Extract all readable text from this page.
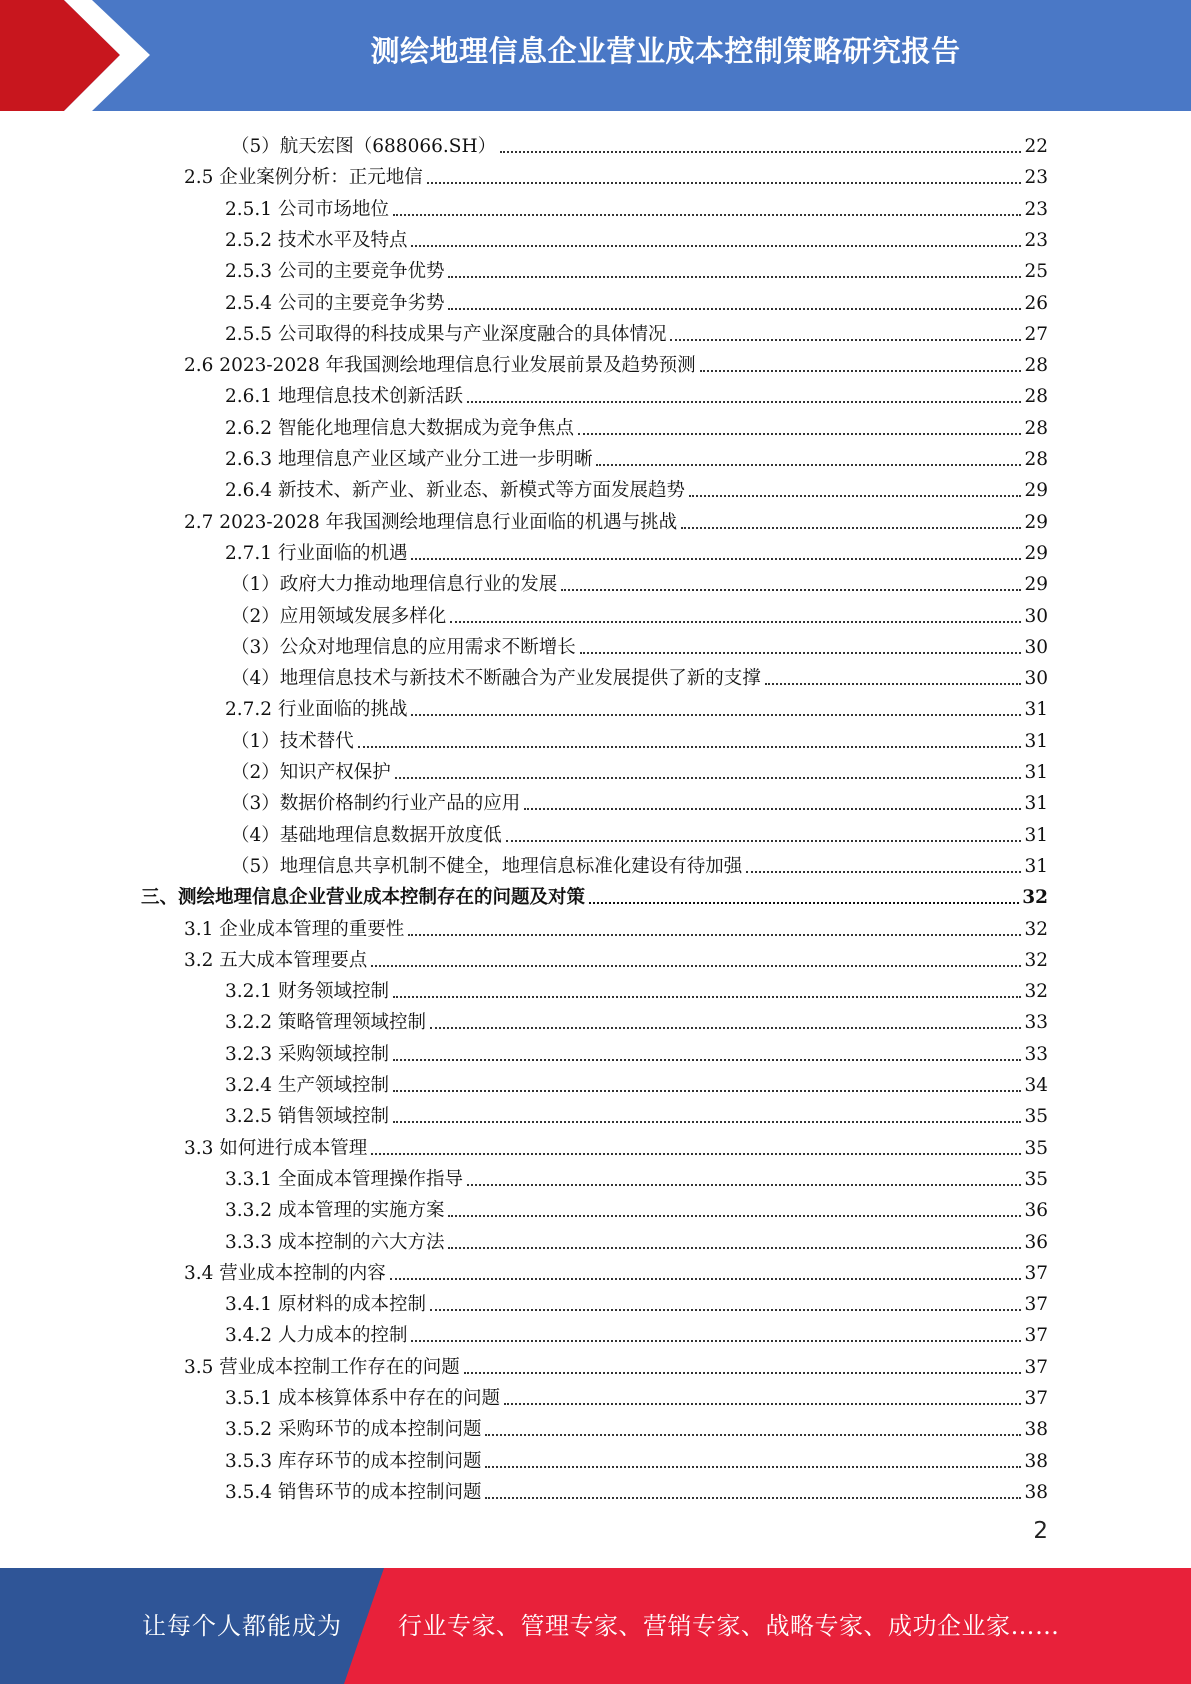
测绘地理信息企业营业成本控制策略研究报告
（5）航天宏图（688066.SH）	22
2.5 企业案例分析：正元地信	23
2.5.1 公司市场地位	23
2.5.2 技术水平及特点	23
2.5.3 公司的主要竞争优势	25
2.5.4 公司的主要竞争劣势	26
2.5.5 公司取得的科技成果与产业深度融合的具体情况	27
2.6 2023-2028 年我国测绘地理信息行业发展前景及趋势预测	28
2.6.1 地理信息技术创新活跃	28
2.6.2 智能化地理信息大数据成为竞争焦点	28
2.6.3 地理信息产业区域产业分工进一步明晰	28
2.6.4 新技术、新产业、新业态、新模式等方面发展趋势	29
2.7 2023-2028 年我国测绘地理信息行业面临的机遇与挑战	29
2.7.1 行业面临的机遇	29
（1）政府大力推动地理信息行业的发展	29
（2）应用领域发展多样化	30
（3）公众对地理信息的应用需求不断增长	30
（4）地理信息技术与新技术不断融合为产业发展提供了新的支撑	30
2.7.2 行业面临的挑战	31
（1）技术替代	31
（2）知识产权保护	31
（3）数据价格制约行业产品的应用	31
（4）基础地理信息数据开放度低	31
（5）地理信息共享机制不健全，地理信息标准化建设有待加强	31
三、测绘地理信息企业营业成本控制存在的问题及对策	32
3.1 企业成本管理的重要性	32
3.2 五大成本管理要点	32
3.2.1 财务领域控制	32
3.2.2 策略管理领域控制	33
3.2.3 采购领域控制	33
3.2.4 生产领域控制	34
3.2.5 销售领域控制	35
3.3 如何进行成本管理	35
3.3.1 全面成本管理操作指导	35
3.3.2 成本管理的实施方案	36
3.3.3 成本控制的六大方法	36
3.4 营业成本控制的内容	37
3.4.1 原材料的成本控制	37
3.4.2 人力成本的控制	37
3.5 营业成本控制工作存在的问题	37
3.5.1 成本核算体系中存在的问题	37
3.5.2 采购环节的成本控制问题	38
3.5.3 库存环节的成本控制问题	38
3.5.4 销售环节的成本控制问题	38
2
让每个人都能成为 行业专家、管理专家、营销专家、战略专家、成功企业家……
